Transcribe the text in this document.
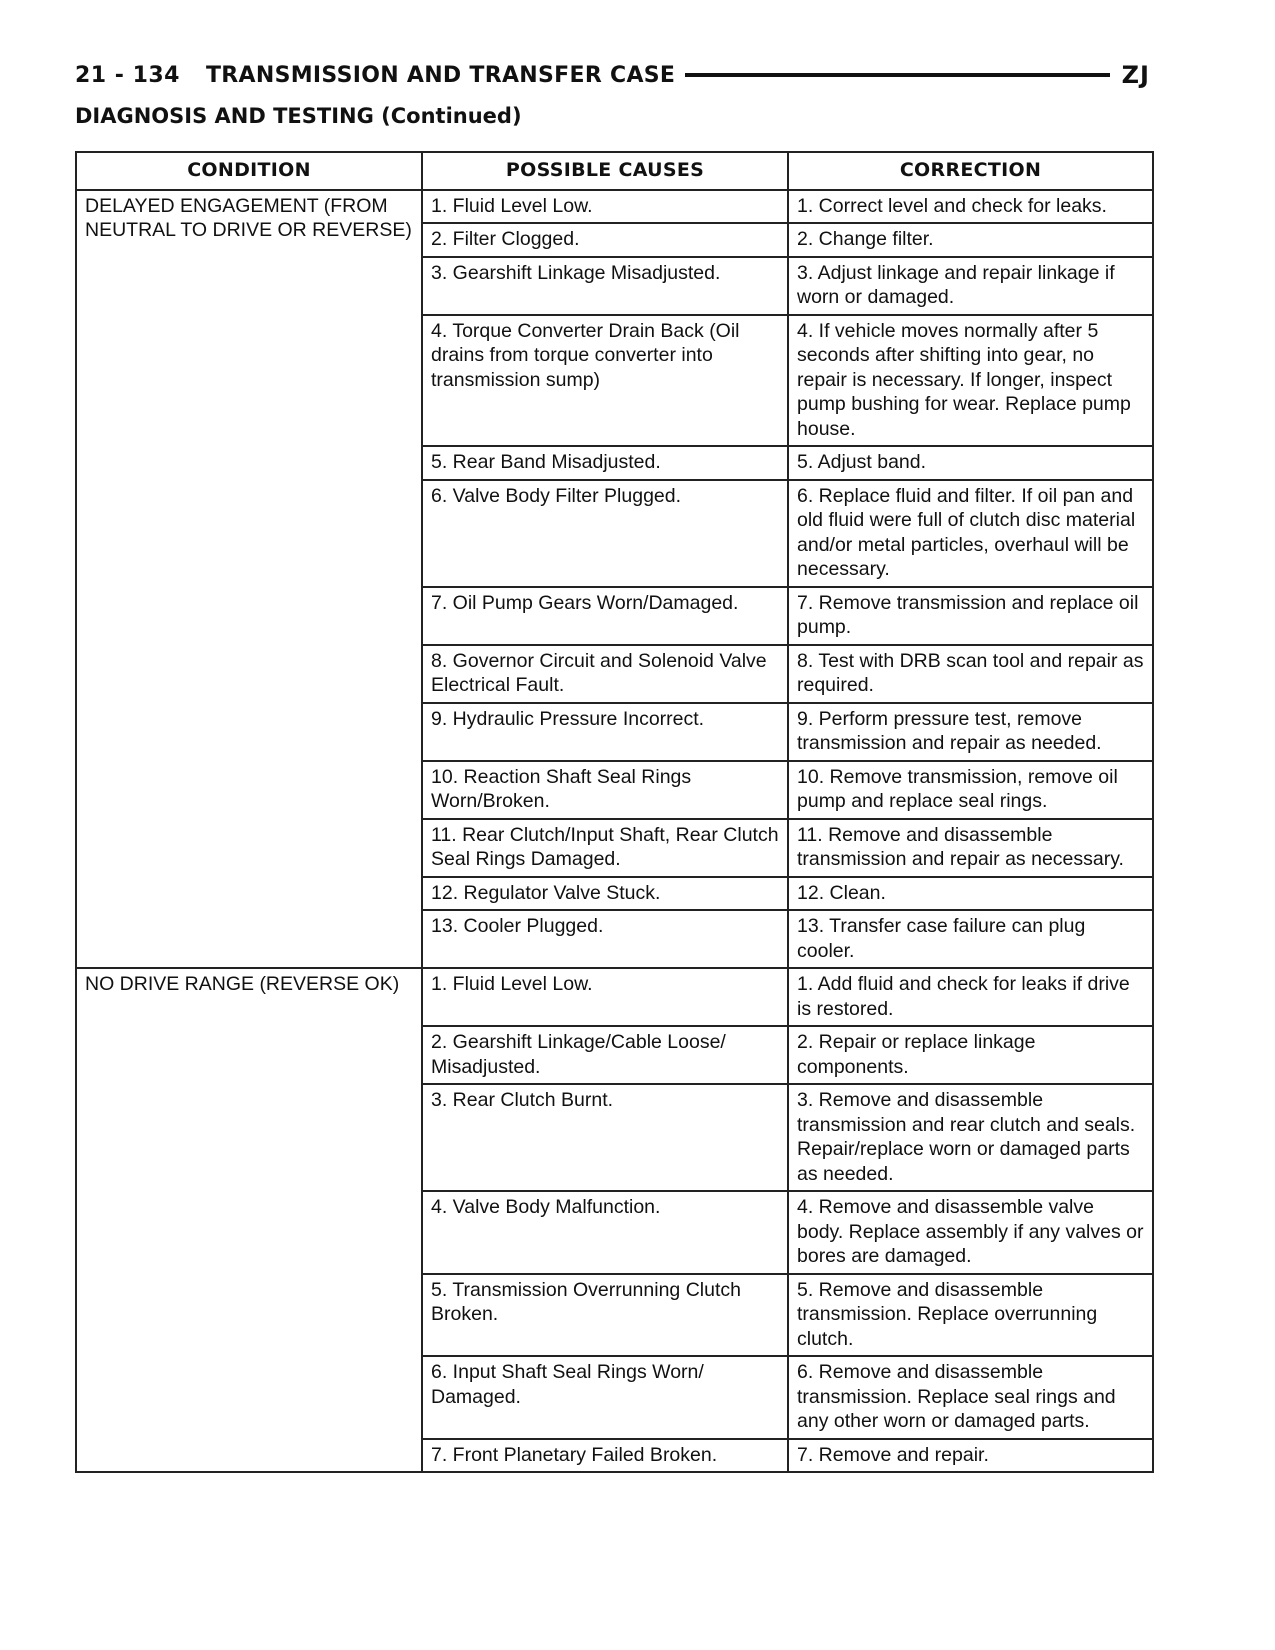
21 - 134 TRANSMISSION AND TRANSFER CASE	ZJ
DIAGNOSIS AND TESTING (Continued)
CONDITION	POSSIBLE CAUSES	CORRECTION
DELAYED ENGAGEMENT (FROM NEUTRAL TO DRIVE OR REVERSE)	1. Fluid Level Low.	1. Correct level and check for leaks.
	2. Filter Clogged.	2. Change filter.
	3. Gearshift Linkage Misadjusted.	3. Adjust linkage and repair linkage if worn or damaged.
	4. Torque Converter Drain Back (Oil drains from torque converter into transmission sump)	4. If vehicle moves normally after 5 seconds after shifting into gear, no repair is necessary. If longer, inspect pump bushing for wear. Replace pump house.
	5. Rear Band Misadjusted.	5. Adjust band.
	6. Valve Body Filter Plugged.	6. Replace fluid and filter. If oil pan and old fluid were full of clutch disc material and/or metal particles, overhaul will be necessary.
	7. Oil Pump Gears Worn/Damaged.	7. Remove transmission and replace oil pump.
	8. Governor Circuit and Solenoid Valve Electrical Fault.	8. Test with DRB scan tool and repair as required.
	9. Hydraulic Pressure Incorrect.	9. Perform pressure test, remove transmission and repair as needed.
	10. Reaction Shaft Seal Rings Worn/Broken.	10. Remove transmission, remove oil pump and replace seal rings.
	11. Rear Clutch/Input Shaft, Rear Clutch Seal Rings Damaged.	11. Remove and disassemble transmission and repair as necessary.
	12. Regulator Valve Stuck.	12. Clean.
	13. Cooler Plugged.	13. Transfer case failure can plug cooler.
NO DRIVE RANGE (REVERSE OK)	1. Fluid Level Low.	1. Add fluid and check for leaks if drive is restored.
	2. Gearshift Linkage/Cable Loose/ Misadjusted.	2. Repair or replace linkage components.
	3. Rear Clutch Burnt.	3. Remove and disassemble transmission and rear clutch and seals. Repair/replace worn or damaged parts as needed.
	4. Valve Body Malfunction.	4. Remove and disassemble valve body. Replace assembly if any valves or bores are damaged.
	5. Transmission Overrunning Clutch Broken.	5. Remove and disassemble transmission. Replace overrunning clutch.
	6. Input Shaft Seal Rings Worn/ Damaged.	6. Remove and disassemble transmission. Replace seal rings and any other worn or damaged parts.
	7. Front Planetary Failed Broken.	7. Remove and repair.
